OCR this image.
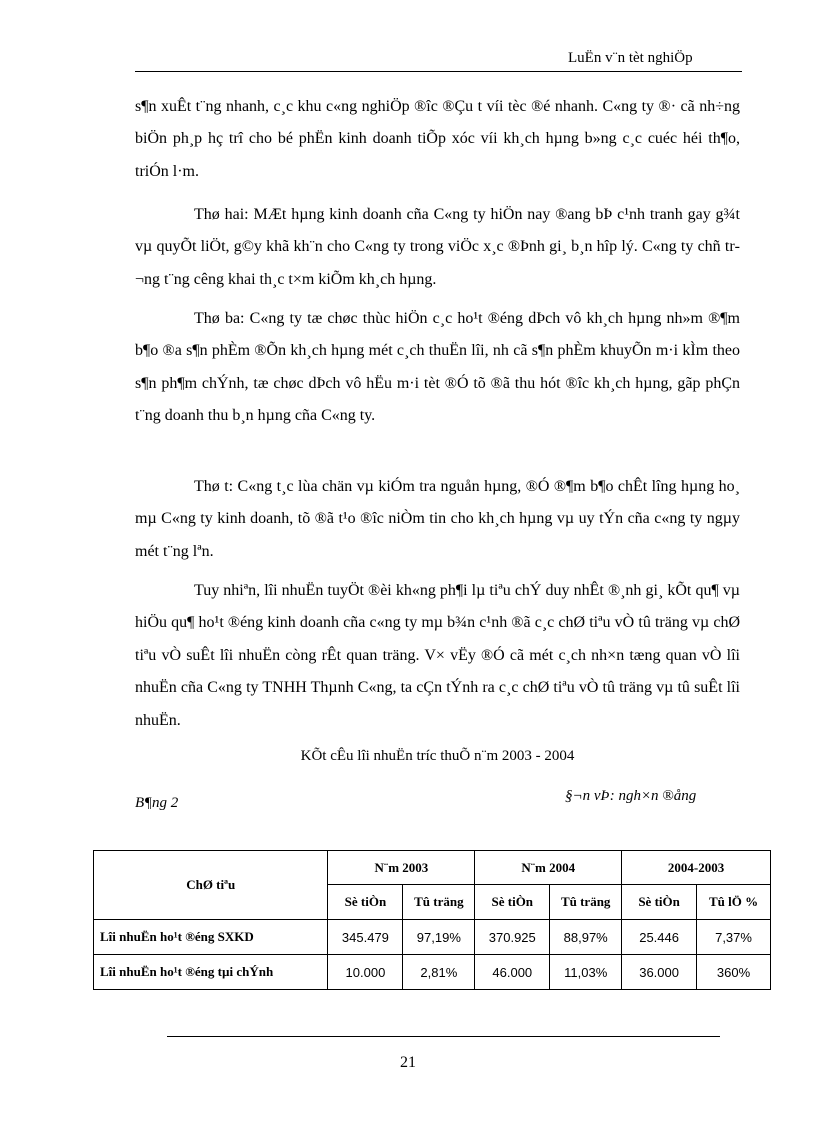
LuËn v¨n tèt nghiÖp

s¶n xuÊt t¨ng nhanh, c¸c khu c«ng nghiÖp ®îc ®Çu t víi tèc ®é nhanh. C«ng ty ®· cã nh÷ng biÖn ph¸p hç trî cho bé phËn kinh doanh tiÕp xóc víi kh¸ch hµng b»ng c¸c cuéc héi th¶o, triÓn l·m.

Thø hai: MÆt hµng kinh doanh cña C«ng ty hiÖn nay ®ang bÞ c¹nh tranh gay g¾t vµ quyÕt liÖt, g©y khã kh¨n cho C«ng ty trong viÖc x¸c ®Þnh gi¸ b¸n hîp lý. C«ng ty chñ tr¬ng t¨ng cêng khai th¸c t×m kiÕm kh¸ch hµng.

Thø ba: C«ng ty tæ chøc thùc hiÖn c¸c ho¹t ®éng dÞch vô kh¸ch hµng nh»m ®¶m b¶o ®a s¶n phÈm ®Õn kh¸ch hµng mét c¸ch thuËn lîi, nh cã s¶n phÈm khuyÕn m·i kÌm theo s¶n ph¶m chÝnh, tæ chøc dÞch vô hËu m·i tèt ®Ó tõ ®ã thu hót ®îc kh¸ch hµng, gãp phÇn t¨ng doanh thu b¸n hµng cña C«ng ty.

Thø t: C«ng t¸c lùa chän vµ kiÓm tra nguån hµng, ®Ó ®¶m b¶o chÊt lîng hµng ho¸ mµ C«ng ty kinh doanh, tõ ®ã t¹o ®îc niÒm tin cho kh¸ch hµng vµ uy tÝn cña c«ng ty ngµy mét t¨ng lªn.

Tuy nhiªn, lîi nhuËn tuyÖt ®èi kh«ng ph¶i lµ tiªu chÝ duy nhÊt ®¸nh gi¸ kÕt qu¶ vµ hiÖu qu¶ ho¹t ®éng kinh doanh cña c«ng ty mµ b¾n c¹nh ®ã c¸c chØ tiªu vÒ tû träng vµ chØ tiªu vÒ suÊt lîi nhuËn còng rÊt quan träng. V× vËy ®Ó cã mét c¸ch nh×n tæng quan vÒ lîi nhuËn cña C«ng ty TNHH Thµnh C«ng, ta cÇn tÝnh ra c¸c chØ tiªu vÒ tû träng vµ tû suÊt lîi nhuËn.

KÕt cÊu lîi nhuËn tríc thuÕ n¨m 2003 - 2004
B¶ng 2	§¬n vÞ: ngh×n ®ång
ChØ tiªu	N¨m 2003		N¨m 2004		2004-2003	
	Sè tiÒn	Tû träng	Sè tiÒn	Tû träng	Sè tiÒn	Tû lÖ %
Lîi nhuËn ho¹t ®éng SXKD	345.479	97,19%	370.925	88,97%	25.446	7,37%
Lîi nhuËn ho¹t ®éng tµi chÝnh	10.000	2,81%	46.000	11,03%	36.000	360%
21
